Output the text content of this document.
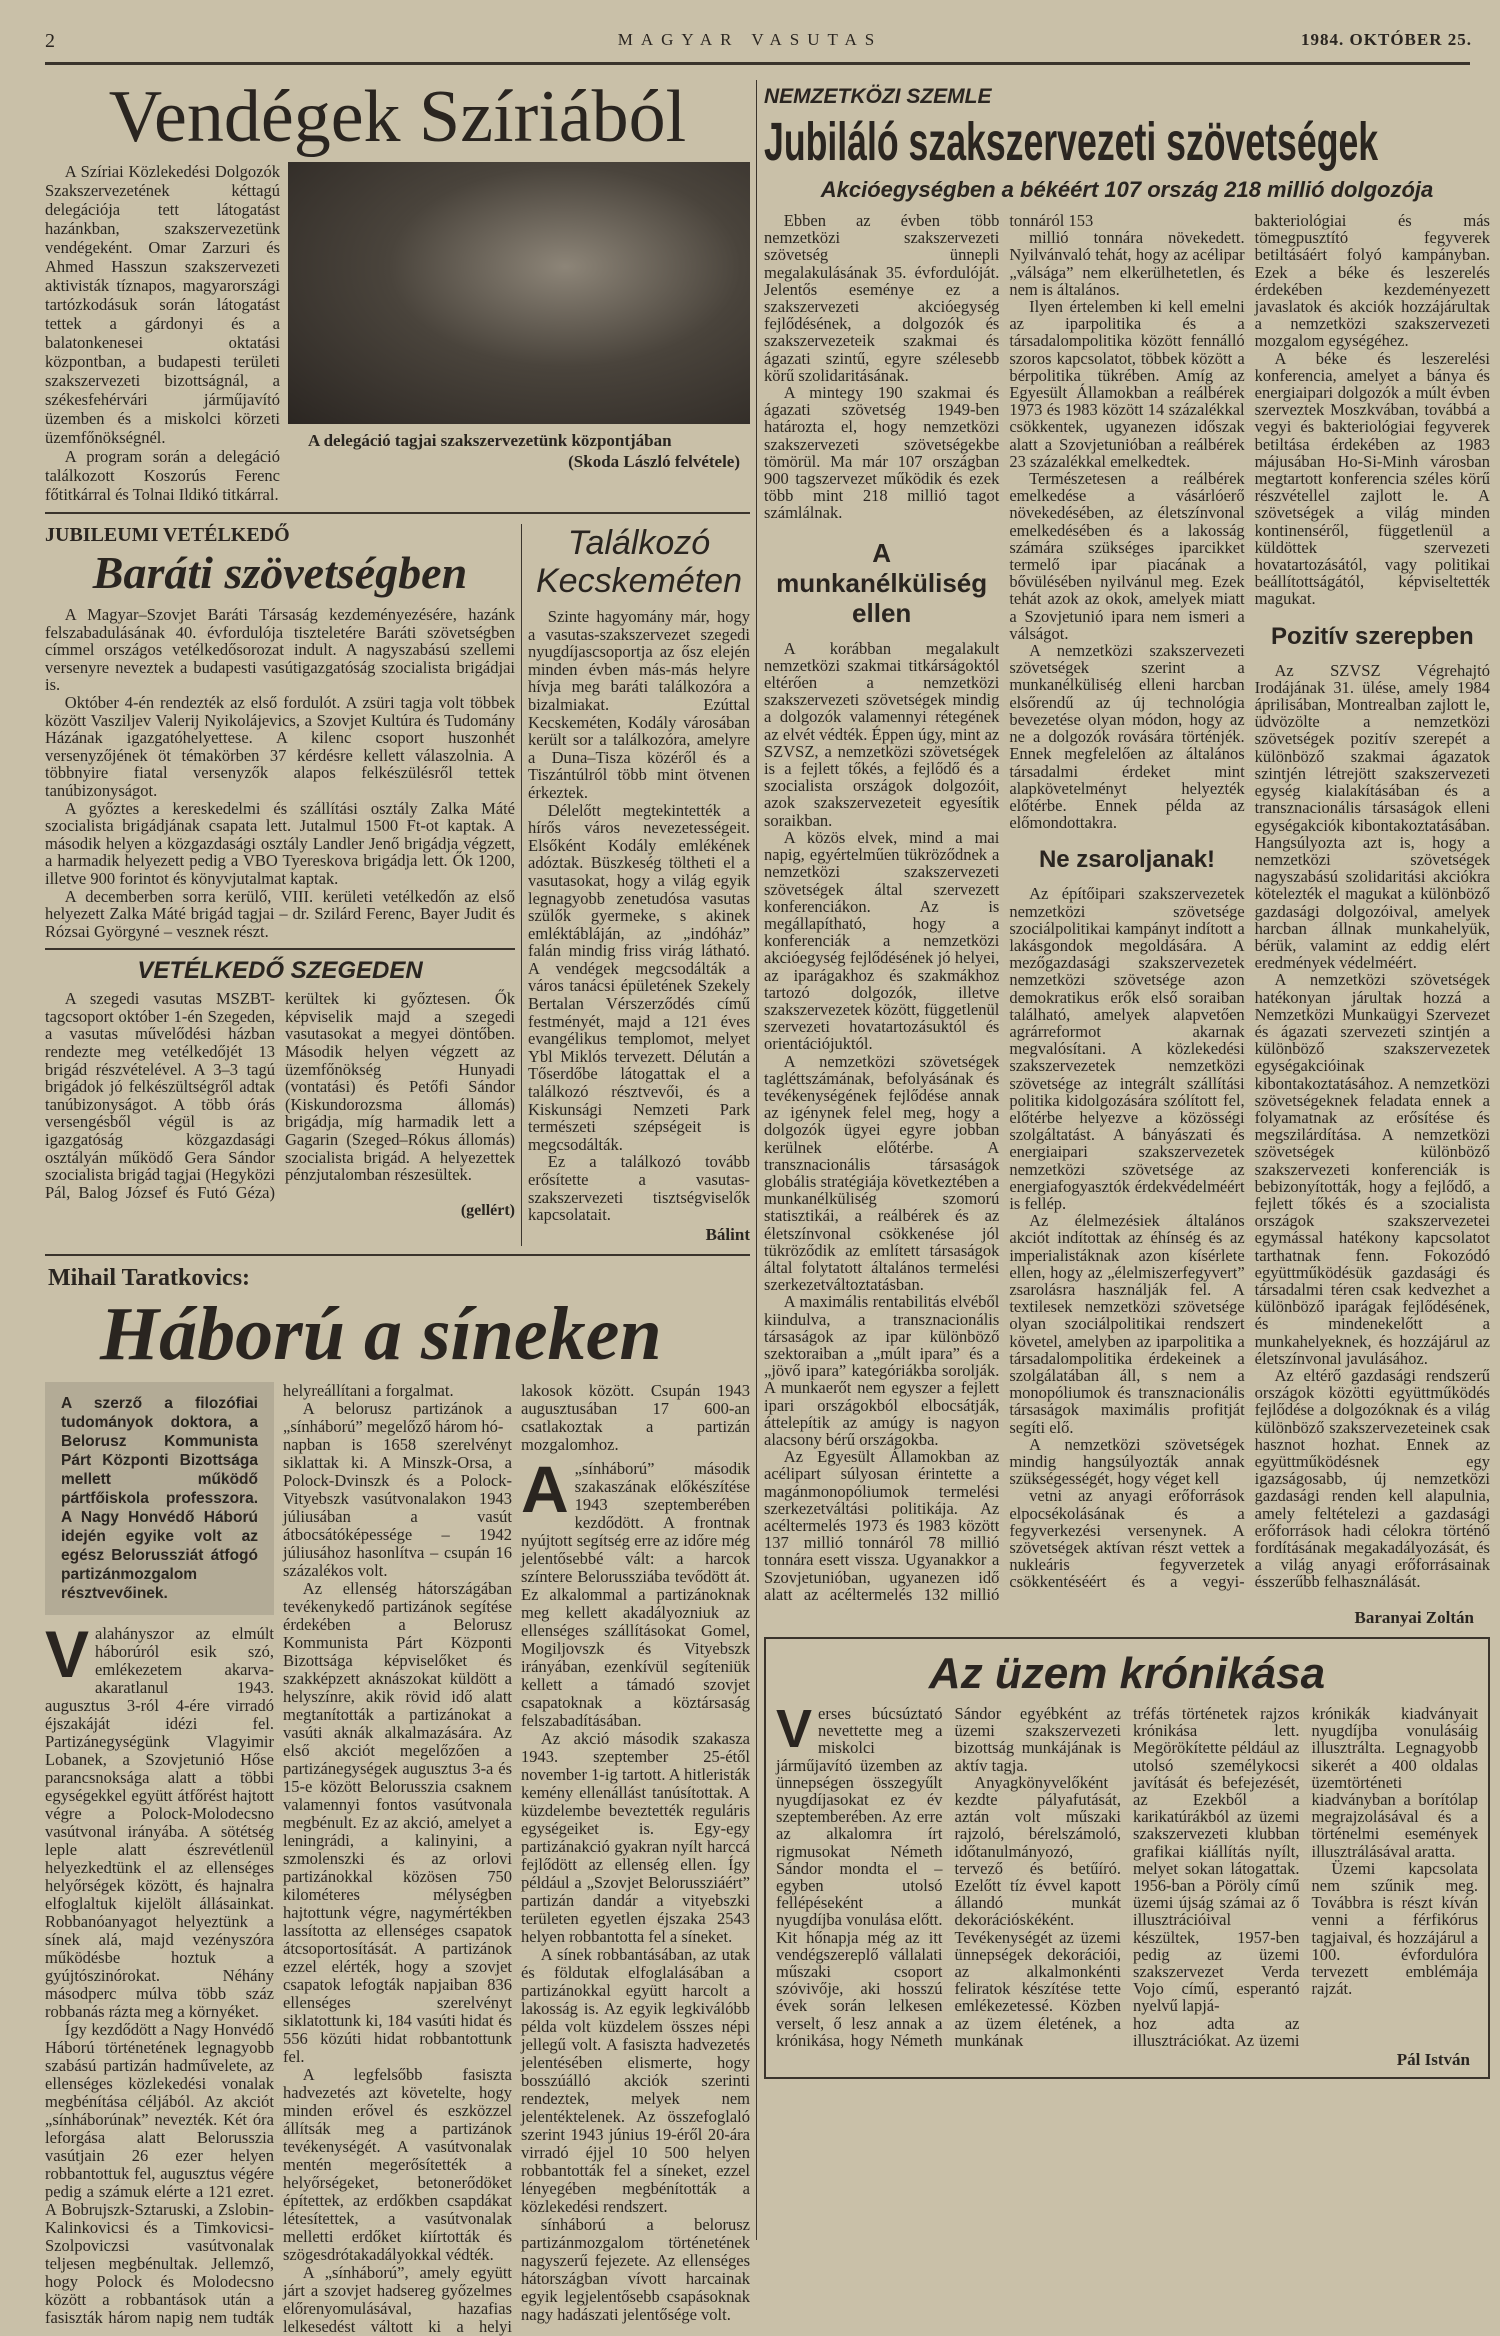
2	MAGYAR VASUTAS	1984. OKTÓBER 25.
Vendégek Szíriából

A Szíriai Közlekedési Dolgozók Szakszervezetének kéttagú delegációja tett látogatást hazánkban, szakszervezetünk vendégeként. Omar Zarzuri és Ahmed Hasszun szakszervezeti aktivisták tíznapos, magyarországi tartózkodásuk során látogatást tettek a gárdonyi és a balatonkenesei oktatási központban, a budapesti területi szakszervezeti bizottságnál, a székesfehérvári járműjavító üzemben és a miskolci körzeti üzemfőnökségnél.

A program során a delegáció találkozott Koszorús Ferenc főtitkárral és Tolnai Ildikó titkárral.

A delegáció tagjai szakszervezetünk központjában
(Skoda László felvétele)
JUBILEUMI VETÉLKEDŐ
Baráti szövetségben

A Magyar–Szovjet Baráti Társaság kezdeményezésére, hazánk felszabadulásának 40. évfordulója tiszteletére Baráti szövetségben címmel országos vetélkedősorozat indult. A nagyszabású szellemi versenyre neveztek a budapesti vasútigazgatóság szocialista brigádjai is.

Október 4-én rendezték az első fordulót. A zsüri tagja volt többek között Vasziljev Valerij Nyikolájevics, a Szovjet Kultúra és Tudomány Házának igazgatóhelyettese. A kilenc csoport huszonhét versenyzőjének öt témakörben 37 kérdésre kellett válaszolnia. A többnyire fiatal versenyzők alapos felkészülésről tettek tanúbizonyságot.

A győztes a kereskedelmi és szállítási osztály Zalka Máté szocialista brigádjának csapata lett. Jutalmul 1500 Ft-ot kaptak. A második helyen a közgazdasági osztály Landler Jenő brigádja végzett, a harmadik helyezett pedig a VBO Tyereskova brigádja lett. Ők 1200, illetve 900 forintot és könyvjutalmat kaptak.

A decemberben sorra kerülő, VIII. kerületi vetélkedőn az első helyezett Zalka Máté brigád tagjai – dr. Szilárd Ferenc, Bayer Judit és Rózsai Györgyné – vesznek részt.

VETÉLKEDŐ SZEGEDEN

A szegedi vasutas MSZBT-tagcsoport október 1-én Szegeden, a vasutas művelődési házban rendezte meg vetélkedőjét 13 brigád részvételével. A 3–3 tagú brigádok jó felkészültségről adtak tanúbizonyságot. A több órás versengésből végül is az igazgatóság közgazdasági osztályán működő Gera Sándor szocialista brigád tagjai (Hegyközi Pál, Balog József és Futó Géza) kerültek ki győztesen. Ők képviselik majd a szegedi vasutasokat a megyei döntőben. Második helyen végzett az üzemfőnökség Hunyadi (vontatási) és Petőfi Sándor (Kiskundorozsma állomás) brigádja, míg harmadik lett a Gagarin (Szeged–Rókus állomás) szocialista brigád. A helyezettek pénzjutalomban részesültek.

(gellért)
Találkozó
Kecskeméten

Szinte hagyomány már, hogy a vasutas-szakszervezet szegedi nyugdíjascsoportja az ősz elején minden évben más-más helyre hívja meg baráti találkozóra a bizalmiakat. Ezúttal Kecskeméten, Kodály városában került sor a találkozóra, amelyre a Duna–Tisza közéről és a Tiszántúlról több mint ötvenen érkeztek.

Délelőtt megtekintették a hírős város nevezetességeit. Elsőként Kodály emlékének adóztak. Büszkeség töltheti el a vasutasokat, hogy a világ egyik legnagyobb zenetudósa vasutas szülők gyermeke, s akinek emléktábláján, az „indóház” falán mindig friss virág látható. A vendégek megcsodálták a város tanácsi épületének Szekely Bertalan Vérszerződés című festményét, majd a 121 éves evangélikus templomot, melyet Ybl Miklós tervezett. Délután a Tőserdőbe látogattak el a találkozó résztvevői, és a Kiskunsági Nemzeti Park természeti szépségeit is megcsodálták.

Ez a találkozó tovább erősítette a vasutas-szakszervezeti tisztségviselők kapcsolatait.

Bálint
Mihail Taratkovics:
Háború a síneken
A szerző a filozófiai tudományok doktora, a Belorusz Kommunista Párt Központi Bizottsága mellett működő pártfőiskola professzora. A Nagy Honvédő Háború idején egyike volt az egész Belorussziát átfogó partizánmozgalom résztvevőinek.
V alahányszor az elmúlt háborúról esik szó, emlékezetem akarva-akaratlanul 1943. augusztus 3-ról 4-ére virradó éjszakáját idézi fel. Partizánegységünk Vlagyimir Lobanek, a Szovjetunió Hőse parancsnoksága alatt a többi egységekkel együtt átfőrést hajtott végre a Polock-Molodecsno vasútvonal irányába. A sötétség leple alatt észrevétlenül helyezkedtünk el az ellenséges helyőrségek között, és hajnalra elfoglaltuk kijelölt állásainkat. Robbanóanyagot helyeztünk a sínek alá, majd vezényszóra működésbe hoztuk a gyújtószinórokat. Néhány másodperc múlva több száz robbanás rázta meg a környéket.

Így kezdődött a Nagy Honvédő Háború történetének legnagyobb szabású partizán hadművelete, az ellenséges közlekedési vonalak megbénítása céljából. Az akciót „sínháborúnak” nevezték. Két óra leforgása alatt Belorusszia vasútjain 26 ezer helyen robbantottuk fel, augusztus végére pedig a számuk elérte a 121 ezret. A Bobrujszk-Sztaruski, a Zslobin-Kalinkovicsi és a Timkovicsi-Szolpoviczsi vasútvonalak teljesen megbénultak. Jellemző, hogy Polock és Molodecsno között a robbantások után a fasiszták három napig nem tudták helyreállítani a forgalmat.

A belorusz partizánok a „sínháború” megelőző három hó-

napban is 1658 szerelvényt siklattak ki. A Minszk-Orsa, a Polock-Dvinszk és a Polock-Vityebszk vasútvonalakon 1943 júliusában a vasút átbocsátóképessége – 1942 júliusához hasonlítva – csupán 16 százalékos volt.

Az ellenség hátországában tevékenykedő partizánok segítése érdekében a Belorusz Kommunista Párt Központi Bizottsága képviselőket és szakképzett aknászokat küldött a helyszínre, akik rövid idő alatt megtanították a partizánokat a vasúti aknák alkalmazására. Az első akciót megelőzően a partizánegységek augusztus 3-a és 15-e között Belorusszia csaknem valamennyi fontos vasútvonala megbénult. Ez az akció, amelyet a leningrádi, a kalinyini, a szmolenszki és az orlovi partizánokkal közösen 750 kilométeres mélységben hajtottunk végre, nagymértékben lassította az ellenséges csapatok átcsoportosítását. A partizánok ezzel elérték, hogy a szovjet csapatok lefogták napjaiban 836 ellenséges szerelvényt siklatottunk ki, 184 vasúti hidat és 556 közúti hidat robbantottunk fel.

A legfelsőbb fasiszta hadvezetés azt követelte, hogy minden erővel és eszközzel állítsák meg a partizánok tevékenységét. A vasútvonalak mentén megerősítették a helyőrségeket, betonerődöket építettek, az erdőkben csapdákat létesítettek, a vasútvonalak melletti erdőket kiírtották és szögesdrótakadályokkal védték.

A „sínháború”, amely együtt járt a szovjet hadsereg győzelmes előrenyomulásával, hazafias lelkesedést váltott ki a helyi lakosok között. Csupán 1943 augusztusában 17 600-an csatlakoztak a partizán mozgalomhoz.

A „sínháború” második szakaszának előkészítése 1943 szeptemberében kezdődött. A frontnak nyújtott segítség erre az időre még jelentősebbé vált: a harcok színtere Belorussziába tevődött át. Ez alkalommal a partizánoknak meg kellett akadályozniuk az ellenséges szállításokat Gomel, Mogiljovszk és Vityebszk irányában, ezenkívül segíteniük kellett a támadó szovjet csapatoknak a köztársaság felszabadításában.

Az akció második szakasza 1943. szeptember 25-étől november 1-ig tartott. A hitleristák kemény ellenállást tanúsítottak. A küzdelembe beveztették reguláris egységeiket is. Egy-egy partizánakció gyakran nyílt harccá fejlődött az ellenség ellen. Így például a „Szovjet Belorussziáért” partizán dandár a vityebszki területen egyetlen éjszaka 2543 helyen robbantotta fel a síneket.

A sínek robbantásában, az utak és földutak elfoglalásában a partizánokkal együtt harcolt a lakosság is. Az egyik legkiválóbb példa volt küzdelem összes népi jellegű volt. A fasiszta hadvezetés jelentésében elismerte, hogy bosszúálló akciók szerinti rendeztek, melyek nem jelentéktelenek. Az összefoglaló szerint 1943 június 19-éről 20-ára virradó éjjel 10 500 helyen robbantották fel a síneket, ezzel lényegében megbénították a közlekedési rendszert.

sínháború a belorusz partizánmozgalom történetének nagyszerű fejezete. Az ellenséges hátországban vívott harcainak egyik legjelentősebb csapásoknak nagy hadászati jelentősége volt.

NEMZETKÖZI SZEMLE
Jubiláló szakszervezeti szövetségek
Akcióegységben a békéért 107 ország 218 millió dolgozója

Ebben az évben több nemzetközi szakszervezeti szövetség ünnepli megalakulásának 35. évfordulóját. Jelentős eseménye ez a szakszervezeti akcióegység fejlődésének, a dolgozók és szakszervezeteik szakmai és ágazati szintű, egyre szélesebb körű szolidaritásának.

A mintegy 190 szakmai és ágazati szövetség 1949-ben határozta el, hogy nemzetközi szakszervezeti szövetségekbe tömörül. Ma már 107 országban 900 tagszervezet működik és ezek több mint 218 millió tagot számlálnak.

A munkanélküliség ellen

A korábban megalakult nemzetközi szakmai titkárságoktól eltérően a nemzetközi szakszervezeti szövetségek mindig a dolgozók valamennyi rétegének az elvét védték. Éppen úgy, mint az SZVSZ, a nemzetközi szövetségek is a fejlett tőkés, a fejlődő és a szocialista országok dolgozóit, azok szakszervezeteit egyesítik soraikban.

A közös elvek, mind a mai napig, egyértelműen tükröződnek a nemzetközi szakszervezeti szövetségek által szervezett konferenciákon. Az is megállapítható, hogy a konferenciák a nemzetközi akcióegység fejlődésének jó helyei, az iparágakhoz és szakmákhoz tartozó dolgozók, illetve szakszervezetek között, függetlenül szervezeti hovatartozásuktól és orientációjuktól.

A nemzetközi szövetségek tagléttszámának, befolyásának és tevékenységének fejlődése annak az igénynek felel meg, hogy a dolgozók ügyei egyre jobban kerülnek előtérbe. A transznacionális társaságok globális stratégiája következtében a munkanélküliség szomorú statisztikái, a reálbérek és az életszínvonal csökkenése jól tükröződik az említett társaságok által folytatott általános termelési szerkezetváltoztatásban.

A maximális rentabilitás elvéből kiindulva, a transznacionális társaságok az ipar különböző szektoraiban a „múlt ipara” és a „jövő ipara” kategóriákba sorolják. A munkaerőt nem egyszer a fejlett ipari országokból elbocsátják, áttelepítik az amúgy is nagyon alacsony bérű országokba.

Az Egyesült Államokban az acélipart súlyosan érintette a magánmonopóliumok termelési szerkezetváltási politikája. Az acéltermelés 1973 és 1983 között 137 millió tonnáról 78 millió tonnára esett vissza. Ugyanakkor a Szovjetunióban, ugyanezen idő alatt az acéltermelés 132 millió tonnáról 153

millió tonnára növekedett. Nyilvánvaló tehát, hogy az acélipar „válsága” nem elkerülhetetlen, és nem is általános.

Ilyen értelemben ki kell emelni az iparpolitika és a társadalompolitika között fennálló szoros kapcsolatot, többek között a bérpolitika tükrében. Amíg az Egyesült Államokban a reálbérek 1973 és 1983 között 14 százalékkal csökkentek, ugyanezen időszak alatt a Szovjetunióban a reálbérek 23 százalékkal emelkedtek.

Természetesen a reálbérek emelkedése a vásárlóerő növekedésében, az életszínvonal emelkedésében és a lakosság számára szükséges iparcikket termelő ipar piacának a bővülésében nyilvánul meg. Ezek tehát azok az okok, amelyek miatt a Szovjetunió ipara nem ismeri a válságot.

A nemzetközi szakszervezeti szövetségek szerint a munkanélküliség elleni harcban elsőrendű az új technológia bevezetése olyan módon, hogy az ne a dolgozók rovására történjék. Ennek megfelelően az általános társadalmi érdeket mint alapkövetelményt helyezték előtérbe. Ennek példa az előmondottakra.

Ne zsaroljanak!

Az építőipari szakszervezetek nemzetközi szövetsége szociálpolitikai kampányt indított a lakásgondok megoldására. A mezőgazdasági szakszervezetek nemzetközi szövetsége azon demokratikus erők első soraiban található, amelyek alapvetően agrárreformot akarnak megvalósítani. A közlekedési szakszervezetek nemzetközi szövetsége az integrált szállítási politika kidolgozására szólított fel, előtérbe helyezve a közösségi szolgáltatást. A bányászati és energiaipari szakszervezetek nemzetközi szövetsége az energiafogyasztók érdekvédelméért is fellép.

Az élelmezésiek általános akciót indítottak az éhínség és az imperialistáknak azon kísérlete ellen, hogy az „élelmiszerfegyvert” zsarolásra használják fel. A textilesek nemzetközi szövetsége olyan szociálpolitikai rendszert követel, amelyben az iparpolitika a társadalompolitika érdekeinek a szolgálatában áll, s nem a monopóliumok és transznacionális társaságok maximális profitját segíti elő.

A nemzetközi szövetségek mindig hangsúlyozták annak szükségességét, hogy véget kell

vetni az anyagi erőforrások elpocsékolásának és a fegyverkezési versenynek. A szövetségek aktívan részt vettek a nukleáris fegyverzetek csökkentéséért és a vegyi- bakteriológiai és más tömegpusztító fegyverek betiltásáért folyó kampányban. Ezek a béke és leszerelés érdekében kezdeményezett javaslatok és akciók hozzájárultak a nemzetközi szakszervezeti mozgalom egységéhez.

A béke és leszerelési konferencia, amelyet a bánya és energiaipari dolgozók a múlt évben szerveztek Moszkvában, továbbá a vegyi és bakteriológiai fegyverek betiltása érdekében az 1983 májusában Ho-Si-Minh városban megtartott konferencia széles körű részvétellel zajlott le. A szövetségek a világ minden kontinenséről, függetlenül a küldöttek szervezeti hovatartozásától, vagy politikai beállítottságától, képviseltették magukat.

Pozitív szerepben

Az SZVSZ Végrehajtó Irodájának 31. ülése, amely 1984 áprilisában, Montrealban zajlott le, üdvözölte a nemzetközi szövetségek pozitív szerepét a különböző szakmai ágazatok szintjén létrejött szakszervezeti egység kialakításában és a transznacionális társaságok elleni egységakciók kibontakoztatásában. Hangsúlyozta azt is, hogy a nemzetközi szövetségek nagyszabású szolidaritási akciókra kötelezték el magukat a különböző gazdasági dolgozóival, amelyek harcban állnak munkahelyük, bérük, valamint az eddig elért eredmények védelméért.

A nemzetközi szövetségek hatékonyan járultak hozzá a Nemzetközi Munkaügyi Szervezet és ágazati szervezeti szintjén a különböző szakszervezetek egységakcióinak kibontakoztatásához. A nemzetközi szövetségeknek feladata ennek a folyamatnak az erősítése és megszilárdítása. A nemzetközi szövetségek különböző szakszervezeti konferenciák is bebizonyították, hogy a fejlődő, a fejlett tőkés és a szocialista országok szakszervezetei egymással hatékony kapcsolatot tarthatnak fenn. Fokozódó együttműködésük gazdasági és társadalmi téren csak kedvezhet a különböző iparágak fejlődésének, és mindenekelőtt a munkahelyeknek, és hozzájárul az életszínvonal javulásához.

Az eltérő gazdasági rendszerű országok közötti együttműködés fejlődése a dolgozóknak és a világ különböző szakszervezeteinek csak hasznot hozhat. Ennek az együttműködésnek egy igazságosabb, új nemzetközi gazdasági renden kell alapulnia, amely feltételezi a gazdasági erőforrások hadi célokra történő fordításának megakadályozását, és a világ anyagi erőforrásainak ésszerűbb felhasználását.

Baranyai Zoltán
Az üzem krónikása

Verses búcsúztató nevettette meg a miskolci járműjavító üzemben az ünnepségen összegyűlt nyugdíjasokat ez év szeptemberében. Az erre az alkalomra írt rigmusokat Németh Sándor mondta el – egyben utolsó fellépéseként a nyugdíjba vonulása előtt. Kit hőnapja még az itt vendégszereplő vállalati műszaki csoport szóvivője, aki hosszú évek során lelkesen verselt, ő lesz annak a krónikása, hogy Németh Sándor egyébként az üzemi szakszervezeti bizottság munkájának is aktív tagja.

Anyagkönyvelőként kezdte pályafutását, aztán volt műszaki rajzoló, bérelszámoló, időtanulmányozó, tervező és betűíró. Ezelőtt tíz évvel kapott állandó munkát dekorációskéként. Tevékenységét az üzemi ünnepségek dekorációi, az alkalmonkénti feliratok készítése tette emlékezetessé. Közben az üzem életének, a munkának

tréfás történetek rajzos krónikása lett. Megörökítette például az utolsó személykocsi javítását és befejezését, az Ezekből a karikatúrákból az üzemi szakszervezeti klubban grafikai kiállítás nyílt, melyet sokan látogattak. 1956-ban a Pöröly című üzemi újság számai az ő illusztrációival készültek, 1957-ben pedig az üzemi szakszervezet Verda Vojo című, esperantó nyelvű lapjá-

hoz adta az illusztrációkat. Az üzemi krónikák kiadványait nyugdíjba vonulásáig illusztrálta. Legnagyobb sikerét a 400 oldalas üzemtörténeti kiadványban a borítólap megrajzolásával és a történelmi események illusztrálásával aratta.

Üzemi kapcsolata nem szűnik meg. Továbbra is részt kíván venni a férfikórus tagjaival, és hozzájárul a 100. évfordulóra tervezett emblémája rajzát.

Pál István
